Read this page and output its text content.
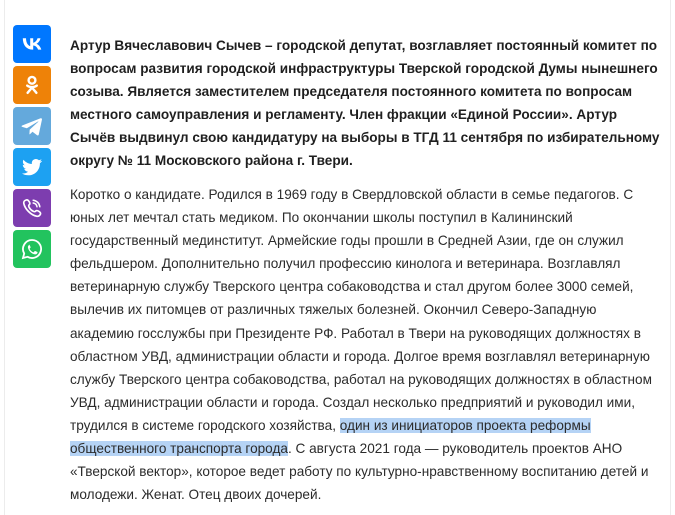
Артур Вячеславович Сычев – городской депутат, возглавляет постоянный комитет по вопросам развития городской инфраструктуры Тверской городской Думы нынешнего созыва. Является заместителем председателя постоянного комитета по вопросам местного самоуправления и регламенту. Член фракции «Единой России». Артур Сычёв выдвинул свою кандидатуру на выборы в ТГД 11 сентября по избирательному округу № 11 Московского района г. Твери.

Коротко о кандидате. Родился в 1969 году в Свердловской области в семье педагогов. С юных лет мечтал стать медиком. По окончании школы поступил в Калининский государственный мединститут. Армейские годы прошли в Средней Азии, где он служил фельдшером. Дополнительно получил профессию кинолога и ветеринара. Возглавлял ветеринарную службу Тверского центра собаководства и стал другом более 3000 семей, вылечив их питомцев от различных тяжелых болезней. Окончил Северо-Западную академию госслужбы при Президенте РФ. Работал в Твери на руководящих должностях в областном УВД, администрации области и города. Долгое время возглавлял ветеринарную службу Тверского центра собаководства, работал на руководящих должностях в областном УВД, администрации области и города. Создал несколько предприятий и руководил ими, трудился в системе городского хозяйства, один из инициаторов проекта реформы общественного транспорта города. С августа 2021 года — руководитель проектов АНО «Тверской вектор», которое ведет работу по культурно-нравственному воспитанию детей и молодежи. Женат. Отец двоих дочерей.
